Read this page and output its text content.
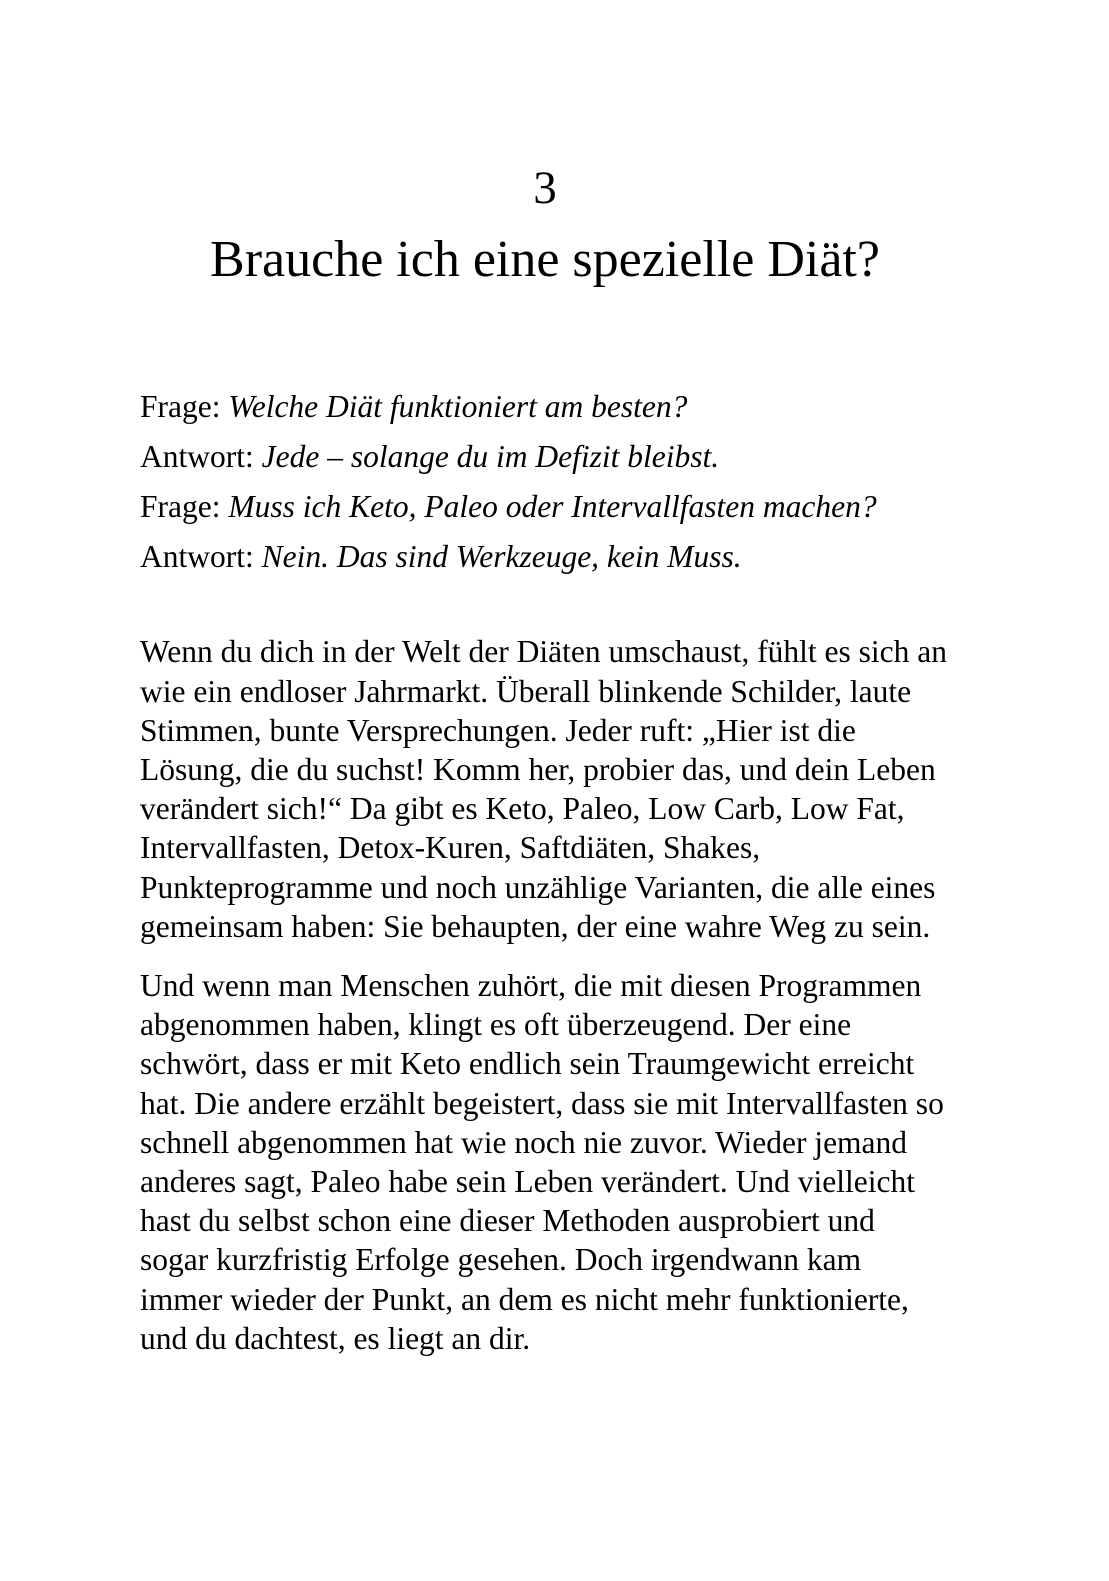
3
Brauche ich eine spezielle Diät?

Frage: Welche Diät funktioniert am besten?

Antwort: Jede – solange du im Defizit bleibst.

Frage: Muss ich Keto, Paleo oder Intervallfasten machen?

Antwort: Nein. Das sind Werkzeuge, kein Muss.

Wenn du dich in der Welt der Diäten umschaust, fühlt es sich an wie ein endloser Jahrmarkt. Überall blinkende Schilder, laute Stimmen, bunte Versprechungen. Jeder ruft: „Hier ist die Lösung, die du suchst! Komm her, probier das, und dein Leben verändert sich!“ Da gibt es Keto, Paleo, Low Carb, Low Fat, Intervallfasten, Detox-Kuren, Saftdiäten, Shakes, Punkteprogramme und noch unzählige Varianten, die alle eines gemeinsam haben: Sie behaupten, der eine wahre Weg zu sein.

Und wenn man Menschen zuhört, die mit diesen Programmen abgenommen haben, klingt es oft überzeugend. Der eine schwört, dass er mit Keto endlich sein Traumgewicht erreicht hat. Die andere erzählt begeistert, dass sie mit Intervallfasten so schnell abgenommen hat wie noch nie zuvor. Wieder jemand anderes sagt, Paleo habe sein Leben verändert. Und vielleicht hast du selbst schon eine dieser Methoden ausprobiert und sogar kurzfristig Erfolge gesehen. Doch irgendwann kam immer wieder der Punkt, an dem es nicht mehr funktionierte, und du dachtest, es liegt an dir.
